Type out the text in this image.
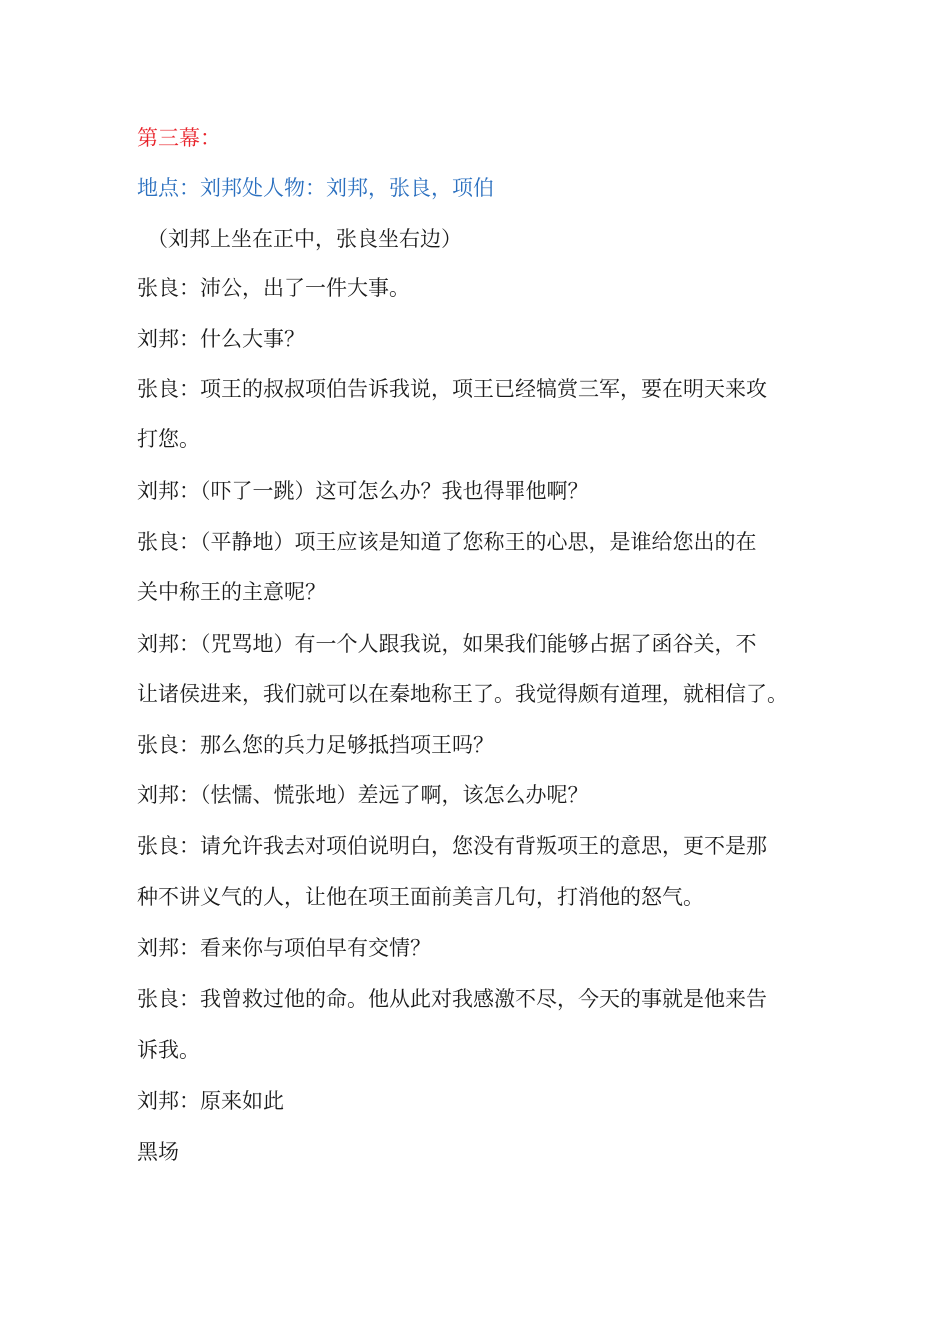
第三幕：
地点：刘邦处人物：刘邦，张良，项伯
（刘邦上坐在正中，张良坐右边）
张良：沛公，出了一件大事。
刘邦：什么大事？
张良：项王的叔叔项伯告诉我说，项王已经犒赏三军，要在明天来攻
打您。
刘邦：（吓了一跳）这可怎么办？我也得罪他啊？
张良：（平静地）项王应该是知道了您称王的心思，是谁给您出的在
关中称王的主意呢？
刘邦：（咒骂地）有一个人跟我说，如果我们能够占据了函谷关，不
让诸侯进来，我们就可以在秦地称王了。我觉得颇有道理，就相信了。
张良：那么您的兵力足够抵挡项王吗？
刘邦：（怯懦、慌张地）差远了啊，该怎么办呢？
张良：请允许我去对项伯说明白，您没有背叛项王的意思，更不是那
种不讲义气的人，让他在项王面前美言几句，打消他的怒气。
刘邦：看来你与项伯早有交情？
张良：我曾救过他的命。他从此对我感激不尽，今天的事就是他来告
诉我。
刘邦：原来如此
黑场
